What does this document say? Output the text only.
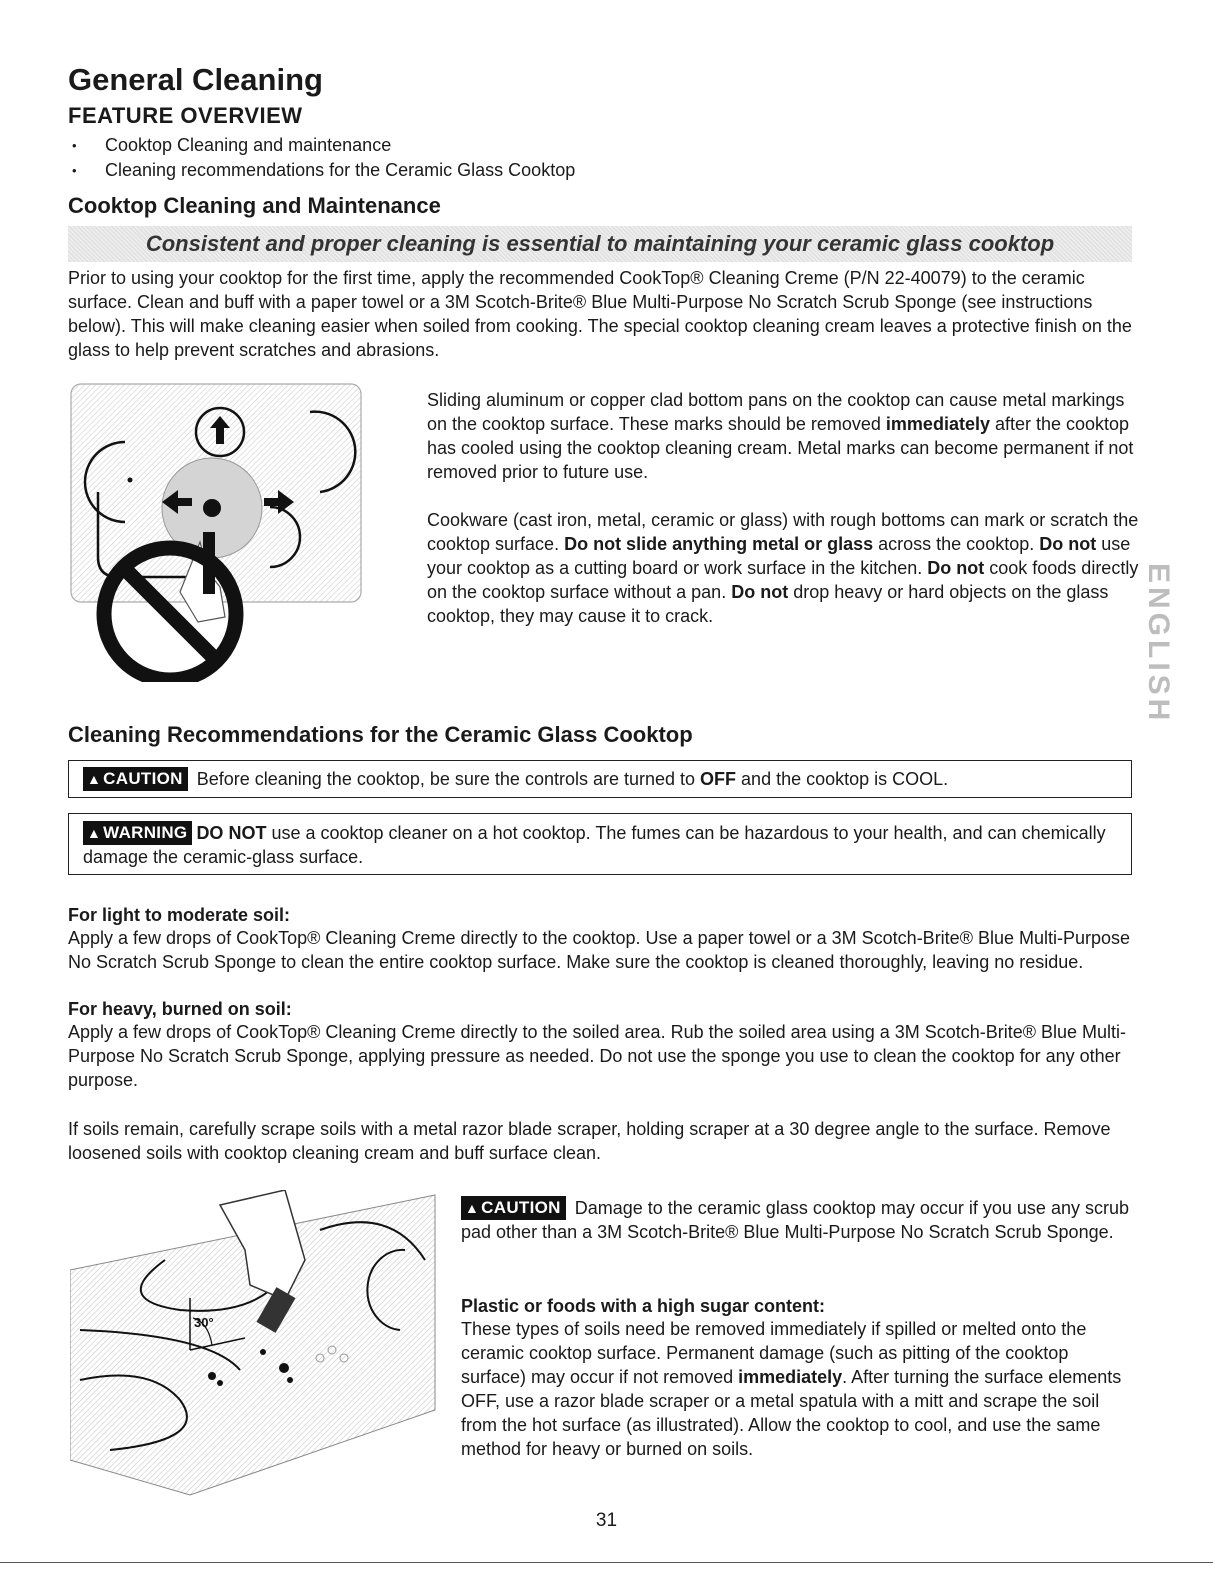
General Cleaning
FEATURE OVERVIEW
• Cooktop Cleaning and maintenance
• Cleaning recommendations for the Ceramic Glass Cooktop
Cooktop Cleaning and Maintenance
Consistent and proper cleaning is essential to maintaining your ceramic glass cooktop

Prior to using your cooktop for the first time, apply the recommended CookTop® Cleaning Creme (P/N 22-40079) to the ceramic surface. Clean and buff with a paper towel or a 3M Scotch-Brite® Blue Multi-Purpose No Scratch Scrub Sponge (see instructions below). This will make cleaning easier when soiled from cooking. The special cooktop cleaning cream leaves a protective finish on the glass to help prevent scratches and abrasions.

Sliding aluminum or copper clad bottom pans on the cooktop can cause metal markings on the cooktop surface. These marks should be removed immediately after the cooktop has cooled using the cooktop cleaning cream. Metal marks can become permanent if not removed prior to future use.

Cookware (cast iron, metal, ceramic or glass) with rough bottoms can mark or scratch the cooktop surface. Do not slide anything metal or glass across the cooktop. Do not use your cooktop as a cutting board or work surface in the kitchen. Do not cook foods directly on the cooktop surface without a pan. Do not drop heavy or hard objects on the glass cooktop, they may cause it to crack.	ENGLISH
Cleaning Recommendations for the Ceramic Glass Cooktop
▲ CAUTION Before cleaning the cooktop, be sure the controls are turned to OFF and the cooktop is COOL.
▲ WARNING DO NOT use a cooktop cleaner on a hot cooktop. The fumes can be hazardous to your health, and can chemically damage the ceramic-glass surface.

For light to moderate soil:

Apply a few drops of CookTop® Cleaning Creme directly to the cooktop. Use a paper towel or a 3M Scotch-Brite® Blue Multi-Purpose No Scratch Scrub Sponge to clean the entire cooktop surface. Make sure the cooktop is cleaned thoroughly, leaving no residue.

For heavy, burned on soil:

Apply a few drops of CookTop® Cleaning Creme directly to the soiled area. Rub the soiled area using a 3M Scotch-Brite® Blue Multi-Purpose No Scratch Scrub Sponge, applying pressure as needed. Do not use the sponge you use to clean the cooktop for any other purpose.

If soils remain, carefully scrape soils with a metal razor blade scraper, holding scraper at a 30 degree angle to the surface. Remove loosened soils with cooktop cleaning cream and buff surface clean.

30°
▲ CAUTION Damage to the ceramic glass cooktop may occur if you use any scrub pad other than a 3M Scotch-Brite® Blue Multi-Purpose No Scratch Scrub Sponge.

Plastic or foods with a high sugar content:

These types of soils need be removed immediately if spilled or melted onto the ceramic cooktop surface. Permanent damage (such as pitting of the cooktop surface) may occur if not removed immediately. After turning the surface elements OFF, use a razor blade scraper or a metal spatula with a mitt and scrape the soil from the hot surface (as illustrated). Allow the cooktop to cool, and use the same method for heavy or burned on soils.

31
